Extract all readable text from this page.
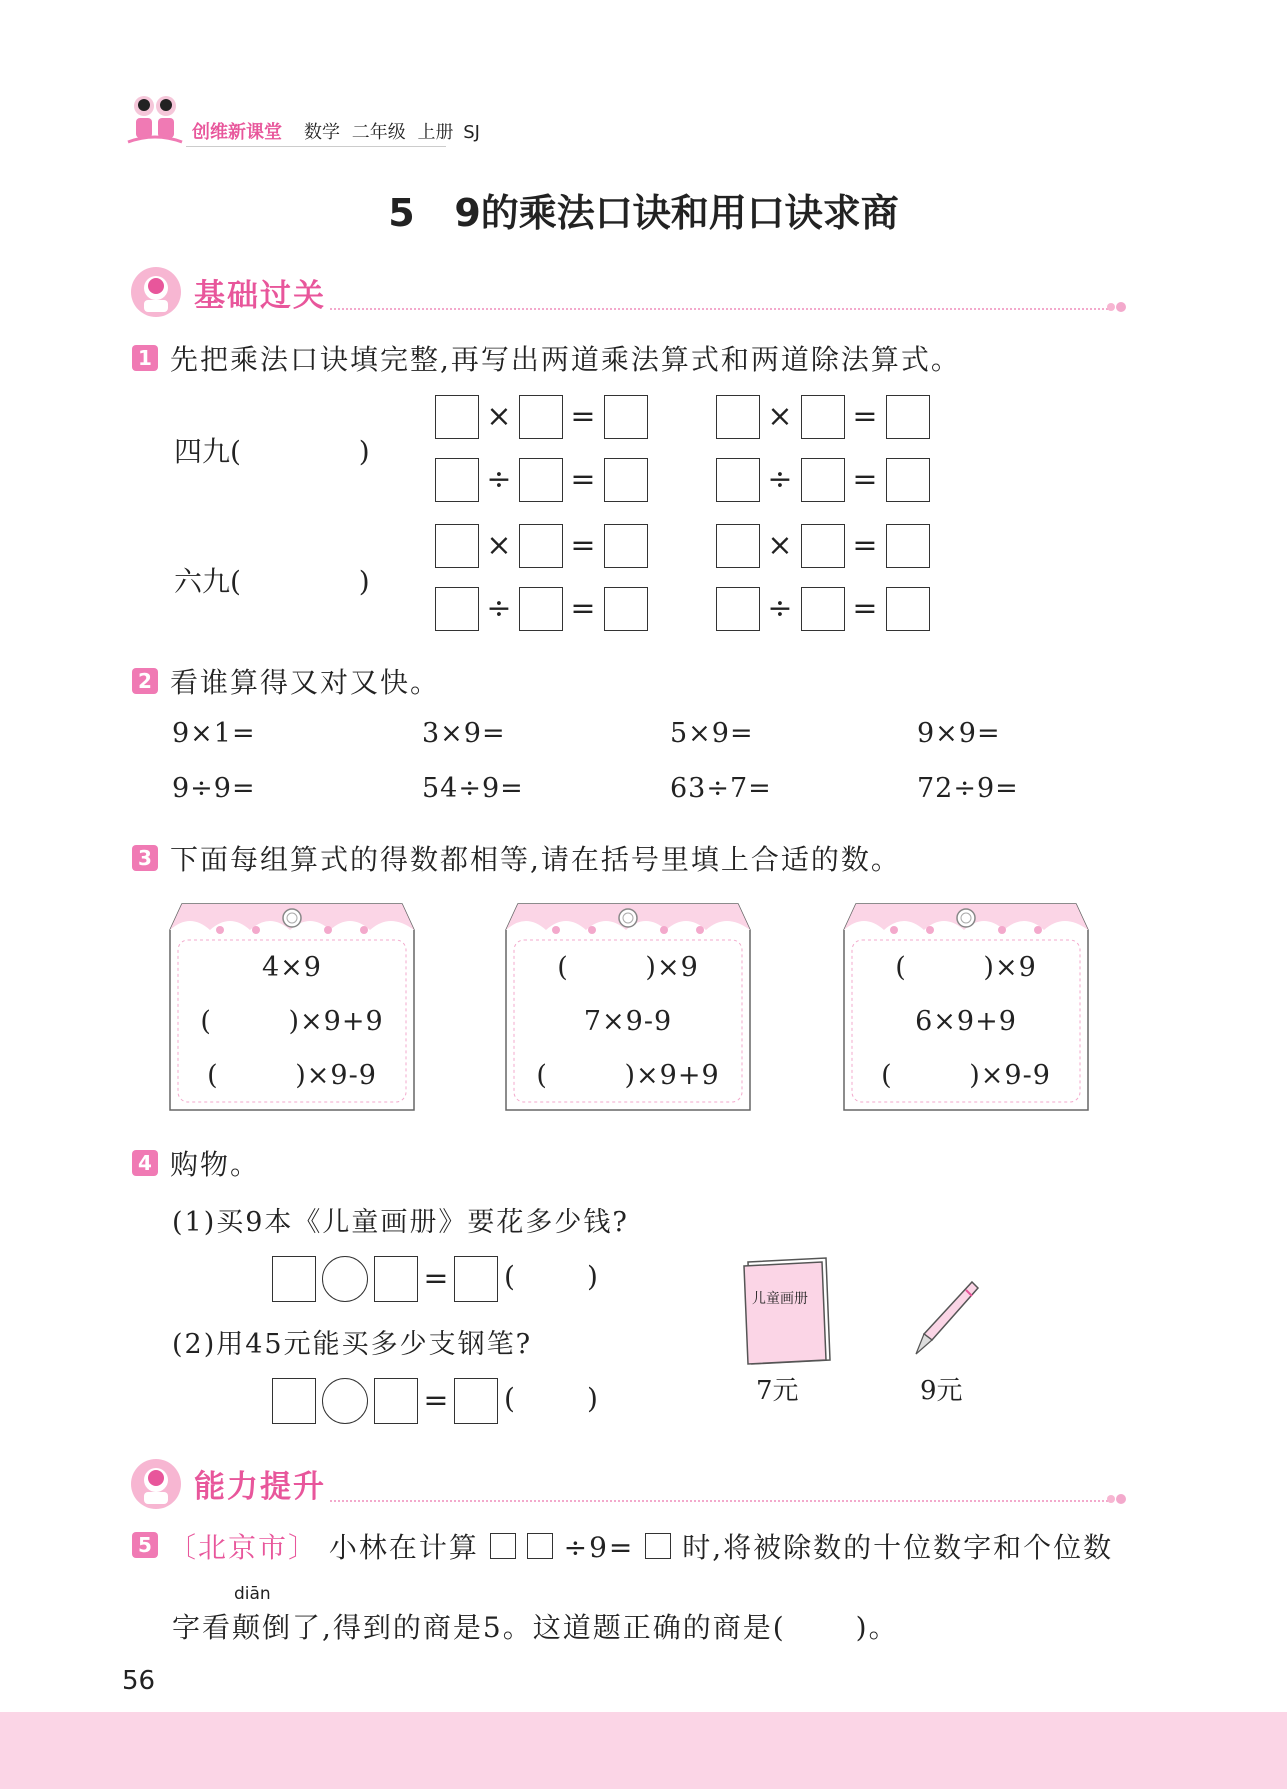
创维新课堂 数学 二年级 上册 SJ
5   9的乘法口诀和用口诀求商
基础过关
1 先把乘法口诀填完整,再写出两道乘法算式和两道除法算式。
四九(	)
六九(	)
× =	× =
÷ =	÷ =
× =	× =
÷ =	÷ =
2 看谁算得又对又快。
9×1=	3×9=	5×9=	9×9=
9÷9=	54÷9=	63÷7=	72÷9=
3 下面每组算式的得数都相等,请在括号里填上合适的数。
4×9
(        )×9+9
(        )×9-9
(        )×9
7×9-9
(        )×9+9
(        )×9
6×9+9
(        )×9-9
4 购物。
(1)买9本《儿童画册》要花多少钱?
= (	)
(2)用45元能买多少支钢笔?
= (	)
儿童画册
7元	9元
能力提升
5 〔北京市〕 小林在计算	÷9= 时,将被除数的十位数字和个位数
diān
字看颠倒了,得到的商是5。这道题正确的商是(	)。
56
